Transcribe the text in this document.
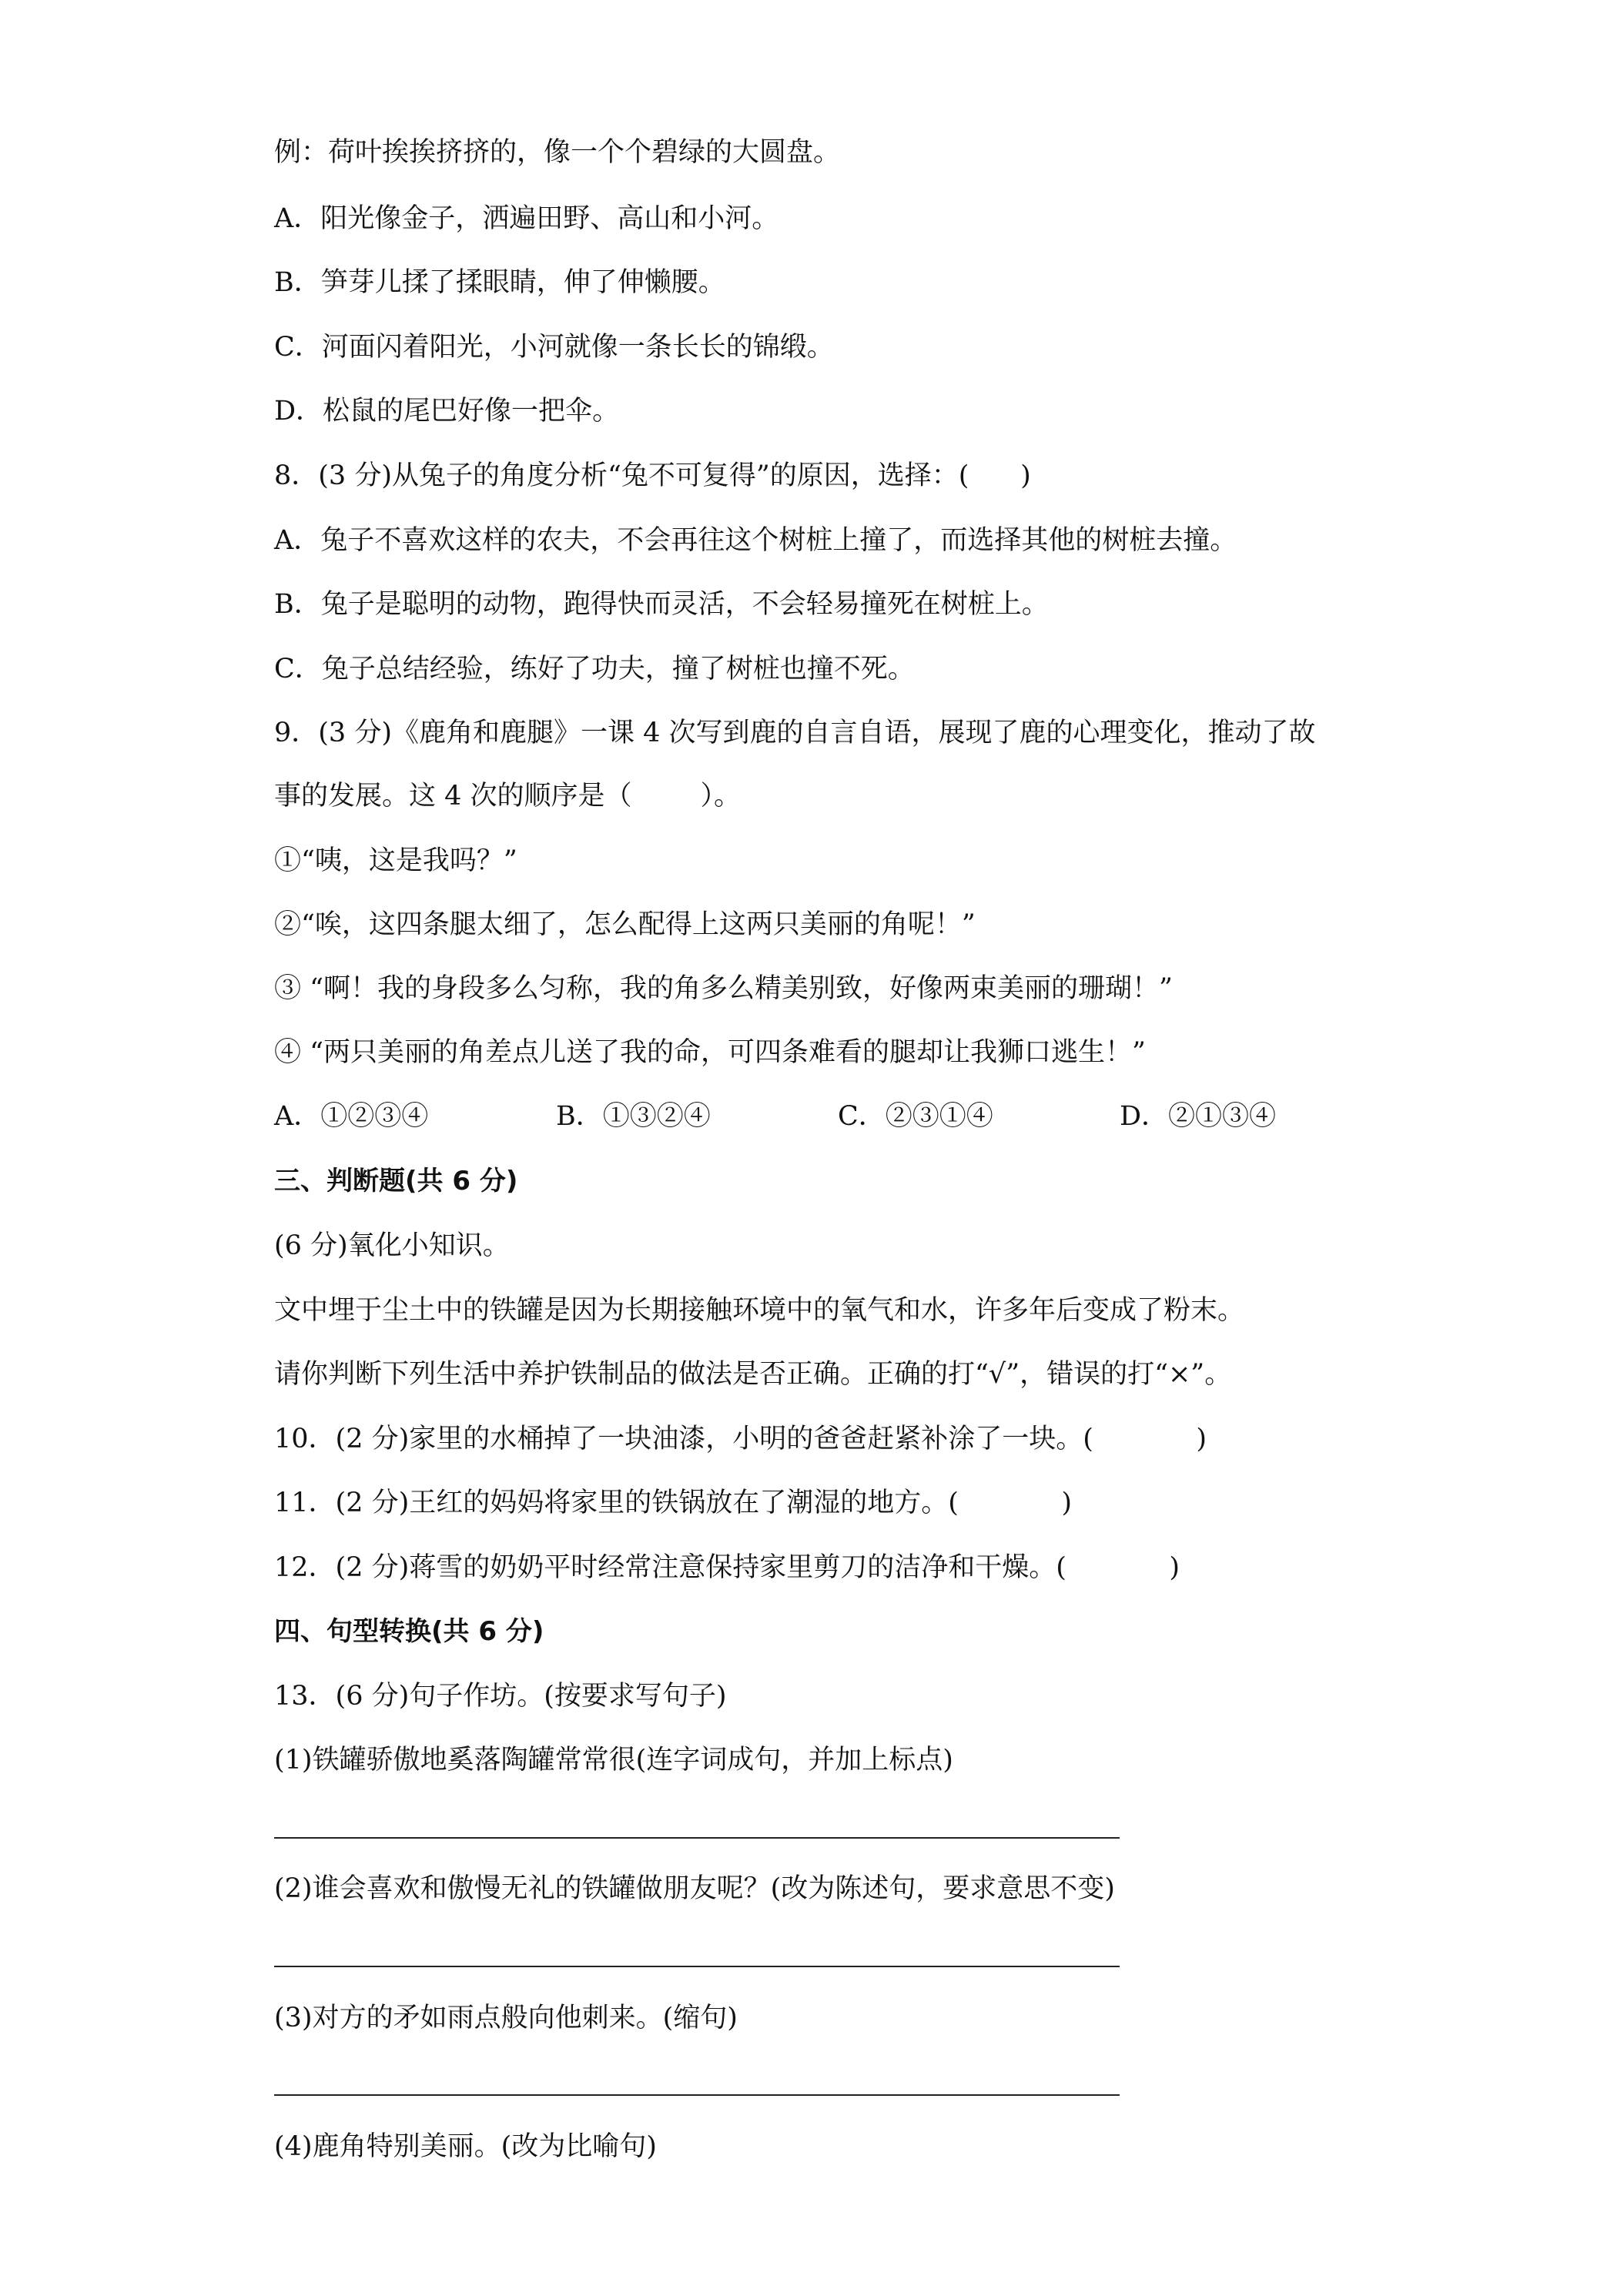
例：荷叶挨挨挤挤的，像一个个碧绿的大圆盘。

A．阳光像金子，洒遍田野、高山和小河。

B．笋芽儿揉了揉眼睛，伸了伸懒腰。

C．河面闪着阳光，小河就像一条长长的锦缎。

D．松鼠的尾巴好像一把伞。

8．(3 分)从兔子的角度分析“兔不可复得”的原因，选择：(      )

A．兔子不喜欢这样的农夫，不会再往这个树桩上撞了，而选择其他的树桩去撞。

B．兔子是聪明的动物，跑得快而灵活，不会轻易撞死在树桩上。

C．兔子总结经验，练好了功夫，撞了树桩也撞不死。

9．(3 分)《鹿角和鹿腿》一课 4 次写到鹿的自言自语，展现了鹿的心理变化，推动了故

事的发展。这 4 次的顺序是（        ）。

①“咦，这是我吗？”

②“唉，这四条腿太细了，怎么配得上这两只美丽的角呢！”

③ “啊！我的身段多么匀称，我的角多么精美别致，好像两束美丽的珊瑚！”

④ “两只美丽的角差点儿送了我的命，可四条难看的腿却让我狮口逃生！”

A．①②③④	B．①③②④	C．②③①④	D．②①③④

三、判断题(共 6 分)

(6 分)氧化小知识。

文中埋于尘土中的铁罐是因为长期接触环境中的氧气和水，许多年后变成了粉末。

请你判断下列生活中养护铁制品的做法是否正确。正确的打“√”，错误的打“×”。

10．(2 分)家里的水桶掉了一块油漆，小明的爸爸赶紧补涂了一块。(            )

11．(2 分)王红的妈妈将家里的铁锅放在了潮湿的地方。(            )

12．(2 分)蒋雪的奶奶平时经常注意保持家里剪刀的洁净和干燥。(            )

四、句型转换(共 6 分)

13．(6 分)句子作坊。(按要求写句子)

(1)铁罐骄傲地奚落陶罐常常很(连字词成句，并加上标点)

(2)谁会喜欢和傲慢无礼的铁罐做朋友呢？(改为陈述句，要求意思不变)

(3)对方的矛如雨点般向他刺来。(缩句)

(4)鹿角特别美丽。(改为比喻句)
